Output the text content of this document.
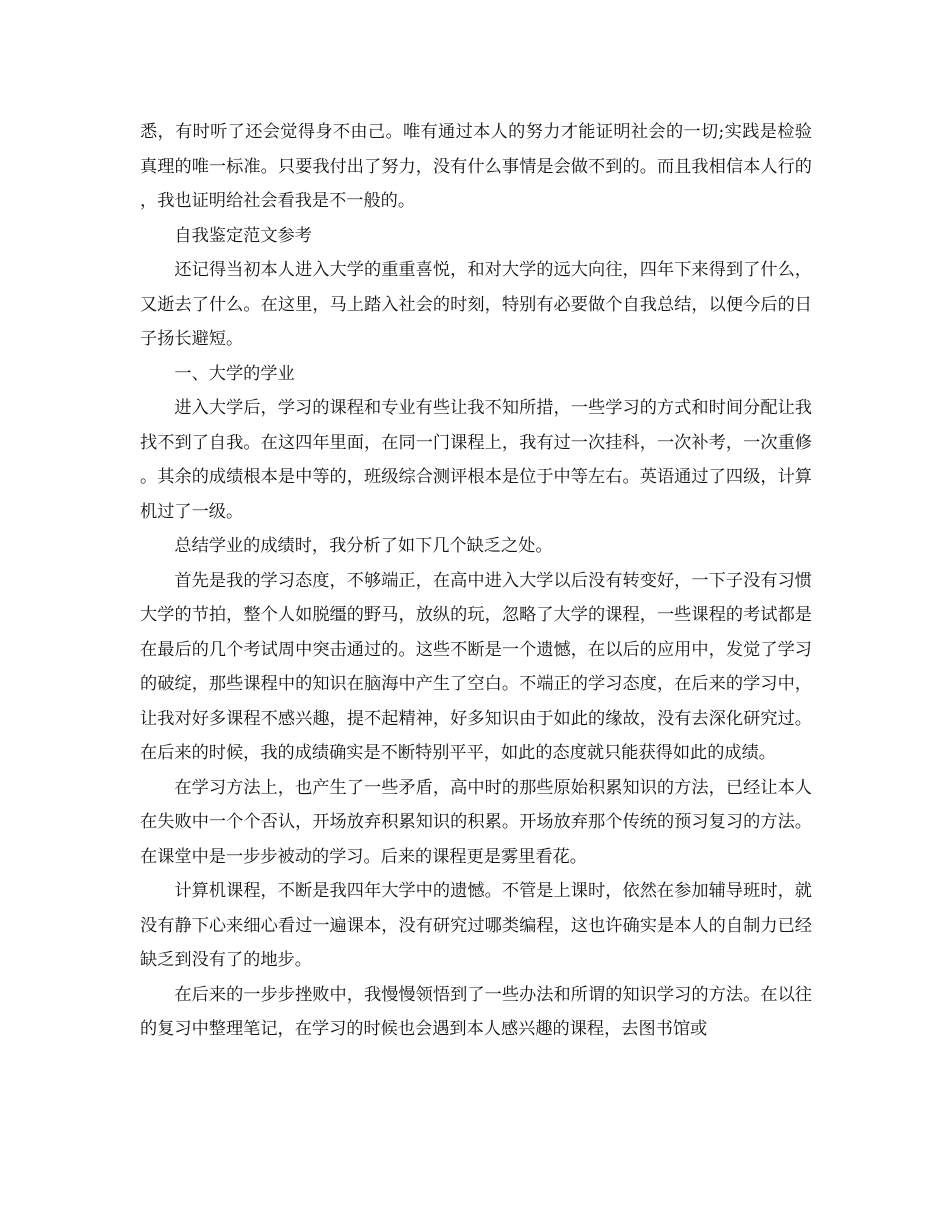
悉，有时听了还会觉得身不由己。唯有通过本人的努力才能证明社会的一切;实践是检验真理的唯一标准。只要我付出了努力，没有什么事情是会做不到的。而且我相信本人行的，我也证明给社会看我是不一般的。

自我鉴定范文参考

还记得当初本人进入大学的重重喜悦，和对大学的远大向往，四年下来得到了什么，又逝去了什么。在这里，马上踏入社会的时刻，特别有必要做个自我总结，以便今后的日子扬长避短。

一、大学的学业

进入大学后，学习的课程和专业有些让我不知所措，一些学习的方式和时间分配让我找不到了自我。在这四年里面，在同一门课程上，我有过一次挂科，一次补考，一次重修。其余的成绩根本是中等的，班级综合测评根本是位于中等左右。英语通过了四级，计算机过了一级。

总结学业的成绩时，我分析了如下几个缺乏之处。

首先是我的学习态度，不够端正，在高中进入大学以后没有转变好，一下子没有习惯大学的节拍，整个人如脱缰的野马，放纵的玩，忽略了大学的课程，一些课程的考试都是在最后的几个考试周中突击通过的。这些不断是一个遗憾，在以后的应用中，发觉了学习的破绽，那些课程中的知识在脑海中产生了空白。不端正的学习态度，在后来的学习中，让我对好多课程不感兴趣，提不起精神，好多知识由于如此的缘故，没有去深化研究过。在后来的时候，我的成绩确实是不断特别平平，如此的态度就只能获得如此的成绩。

在学习方法上，也产生了一些矛盾，高中时的那些原始积累知识的方法，已经让本人在失败中一个个否认，开场放弃积累知识的积累。开场放弃那个传统的预习复习的方法。在课堂中是一步步被动的学习。后来的课程更是雾里看花。

计算机课程，不断是我四年大学中的遗憾。不管是上课时，依然在参加辅导班时，就没有静下心来细心看过一遍课本，没有研究过哪类编程，这也许确实是本人的自制力已经缺乏到没有了的地步。

在后来的一步步挫败中，我慢慢领悟到了一些办法和所谓的知识学习的方法。在以往的复习中整理笔记，在学习的时候也会遇到本人感兴趣的课程，去图书馆或
